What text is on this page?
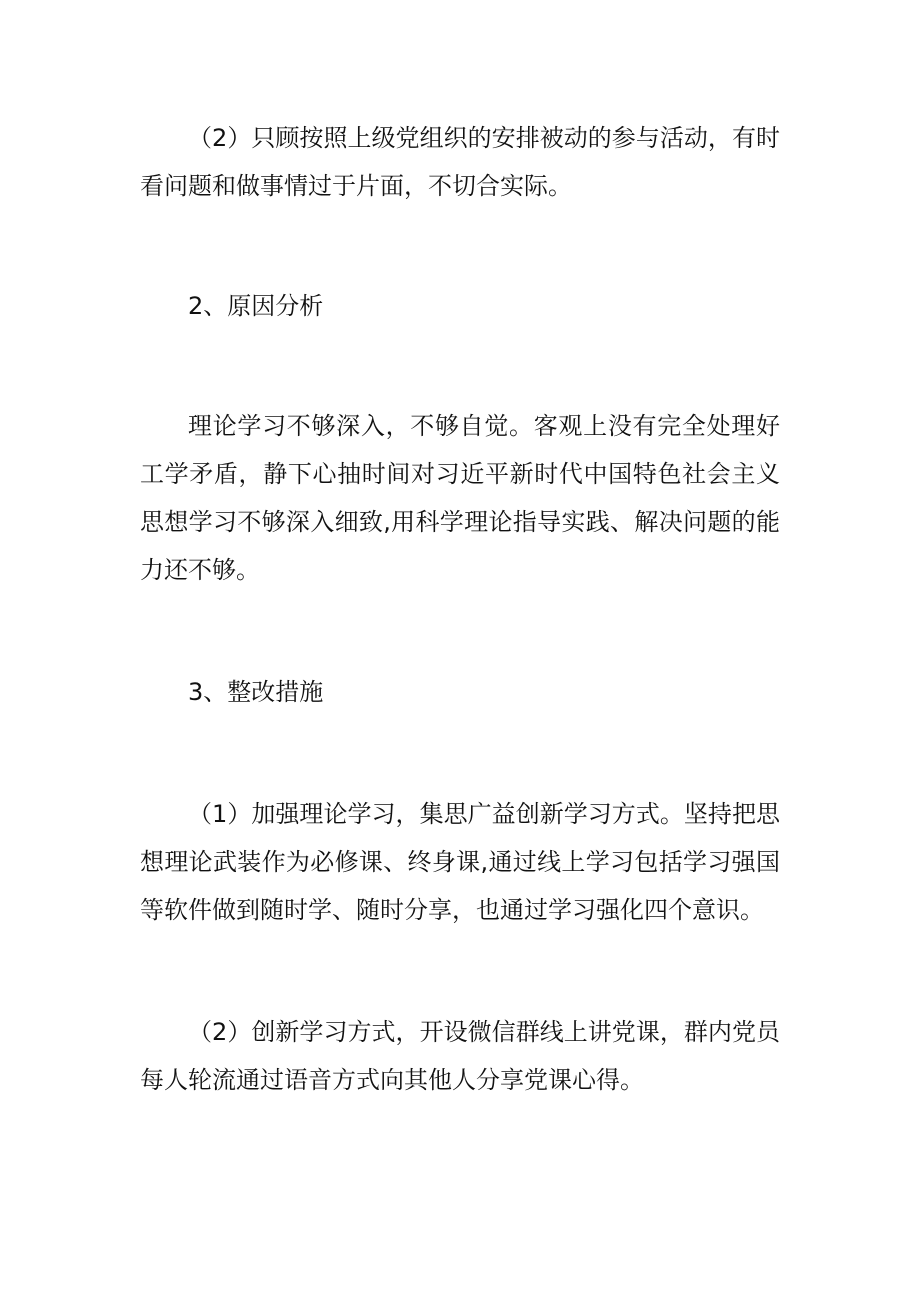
（2）只顾按照上级党组织的安排被动的参与活动，有时看问题和做事情过于片面，不切合实际。

2、原因分析

理论学习不够深入，不够自觉。客观上没有完全处理好工学矛盾，静下心抽时间对习近平新时代中国特色社会主义思想学习不够深入细致,用科学理论指导实践、解决问题的能力还不够。

3、整改措施

（1）加强理论学习，集思广益创新学习方式。坚持把思想理论武装作为必修课、终身课,通过线上学习包括学习强国等软件做到随时学、随时分享，也通过学习强化四个意识。

（2）创新学习方式，开设微信群线上讲党课，群内党员每人轮流通过语音方式向其他人分享党课心得。
